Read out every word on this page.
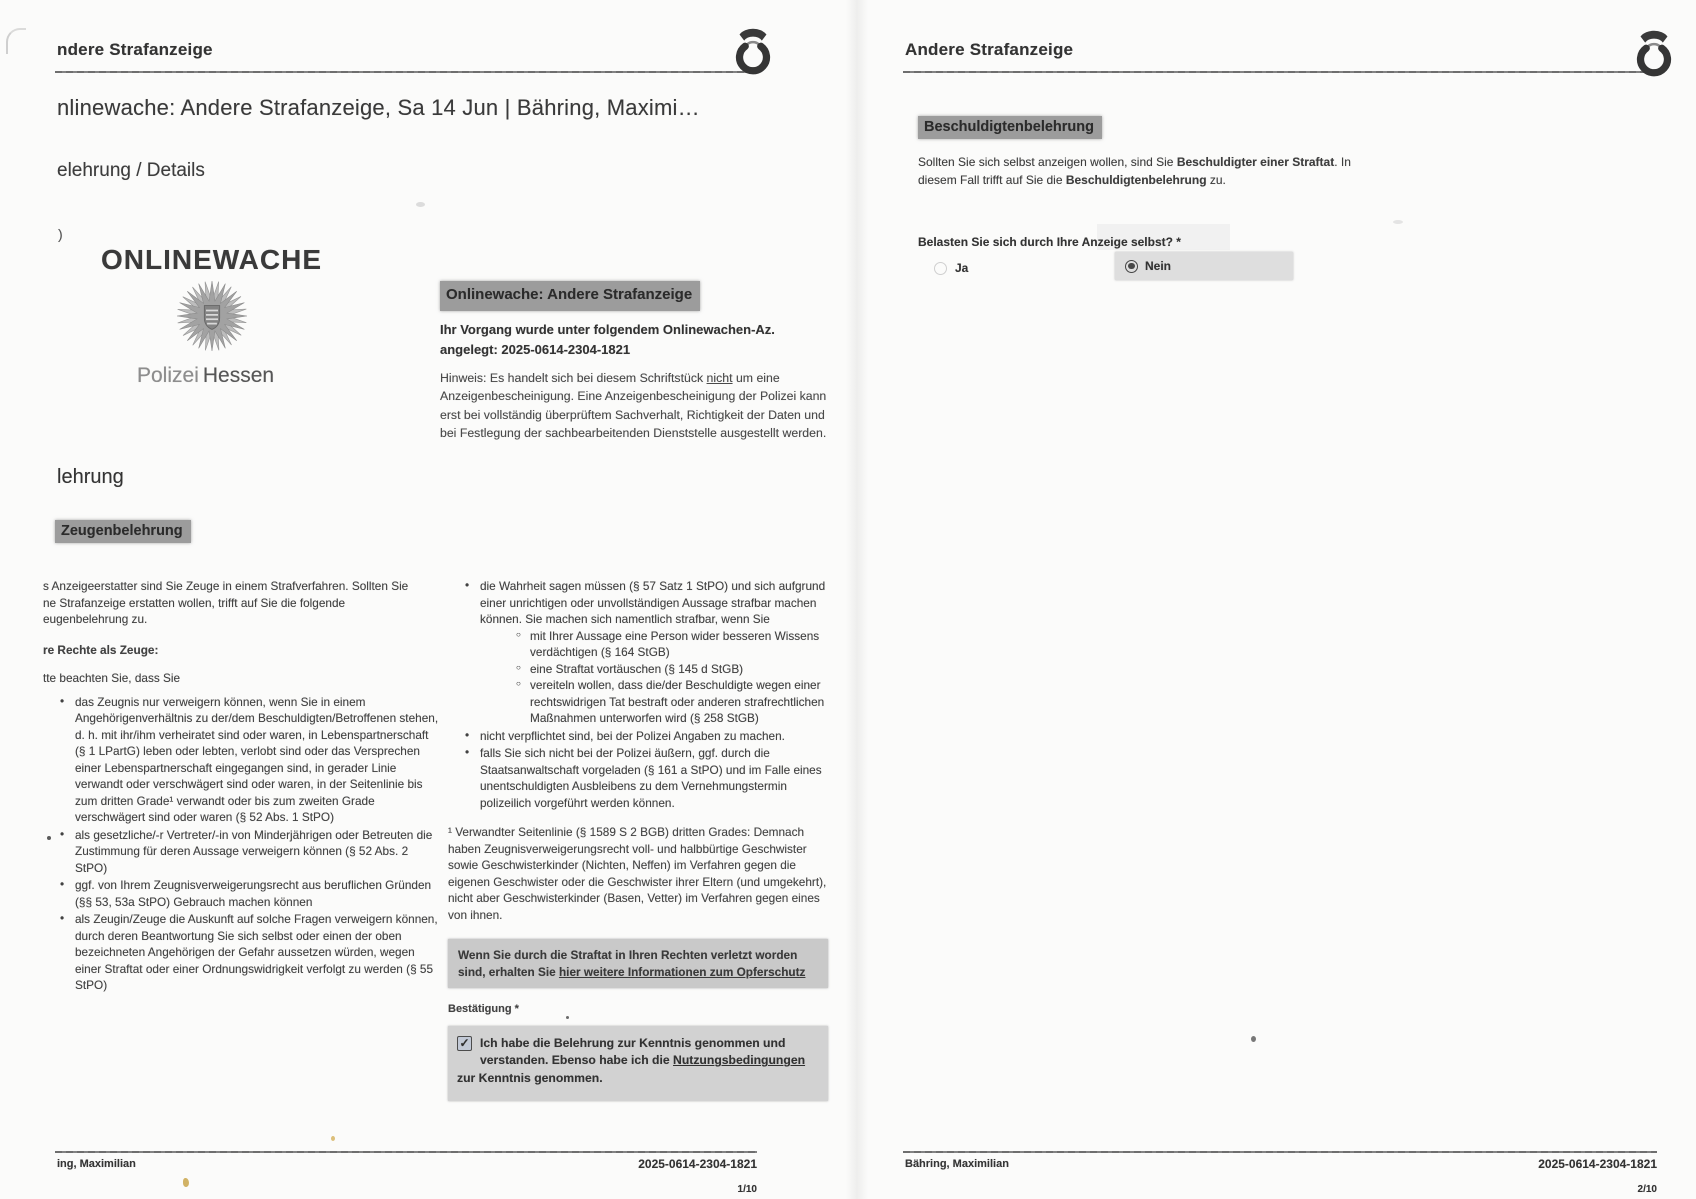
ndere Strafanzeige
nlinewache: Andere Strafanzeige, Sa 14 Jun | Bähring, Maximi…
elehrung / Details
)
ONLINEWACHE
Polizei Hessen
Onlinewache: Andere Strafanzeige
Ihr Vorgang wurde unter folgendem Onlinewachen-Az. angelegt: 2025-0614-2304-1821
Hinweis: Es handelt sich bei diesem Schriftstück nicht um eine Anzeigenbescheinigung. Eine Anzeigenbescheinigung der Polizei kann erst bei vollständig überprüftem Sachverhalt, Richtigkeit der Daten und bei Festlegung der sachbearbeitenden Dienststelle ausgestellt werden.
lehrung
Zeugenbelehrung
s Anzeigeerstatter sind Sie Zeuge in einem Strafverfahren. Sollten Sie
ne Strafanzeige erstatten wollen, trifft auf Sie die folgende
eugenbelehrung zu.
re Rechte als Zeuge:
tte beachten Sie, dass Sie
• das Zeugnis nur verweigern können, wenn Sie in einem Angehörigenverhältnis zu der/dem Beschuldigten/Betroffenen stehen, d. h. mit ihr/ihm verheiratet sind oder waren, in Lebenspartnerschaft (§ 1 LPartG) leben oder lebten, verlobt sind oder das Versprechen einer Lebenspartnerschaft eingegangen sind, in gerader Linie verwandt oder verschwägert sind oder waren, in der Seitenlinie bis zum dritten Grade¹ verwandt oder bis zum zweiten Grade verschwägert sind oder waren (§ 52 Abs. 1 StPO)
• als gesetzliche/-r Vertreter/-in von Minderjährigen oder Betreuten die Zustimmung für deren Aussage verweigern können (§ 52 Abs. 2 StPO)
• ggf. von Ihrem Zeugnisverweigerungsrecht aus beruflichen Gründen (§§ 53, 53a StPO) Gebrauch machen können
• als Zeugin/Zeuge die Auskunft auf solche Fragen verweigern können, durch deren Beantwortung Sie sich selbst oder einen der oben bezeichneten Angehörigen der Gefahr aussetzen würden, wegen einer Straftat oder einer Ordnungswidrigkeit verfolgt zu werden (§ 55 StPO)
• die Wahrheit sagen müssen (§ 57 Satz 1 StPO) und sich aufgrund einer unrichtigen oder unvollständigen Aussage strafbar machen können. Sie machen sich namentlich strafbar, wenn Sie
○ mit Ihrer Aussage eine Person wider besseren Wissens verdächtigen (§ 164 StGB)
○ eine Straftat vortäuschen (§ 145 d StGB)
○ vereiteln wollen, dass die/der Beschuldigte wegen einer rechtswidrigen Tat bestraft oder anderen strafrechtlichen Maßnahmen unterworfen wird (§ 258 StGB)
• nicht verpflichtet sind, bei der Polizei Angaben zu machen.
• falls Sie sich nicht bei der Polizei äußern, ggf. durch die Staatsanwaltschaft vorgeladen (§ 161 a StPO) und im Falle eines unentschuldigten Ausbleibens zu dem Vernehmungstermin polizeilich vorgeführt werden können.
¹ Verwandter Seitenlinie (§ 1589 S 2 BGB) dritten Grades: Demnach haben Zeugnisverweigerungsrecht voll- und halbbürtige Geschwister sowie Geschwisterkinder (Nichten, Neffen) im Verfahren gegen die eigenen Geschwister oder die Geschwister ihrer Eltern (und umgekehrt), nicht aber Geschwisterkinder (Basen, Vetter) im Verfahren gegen eines von ihnen.
Wenn Sie durch die Straftat in Ihren Rechten verletzt worden sind, erhalten Sie hier weitere Informationen zum Opferschutz
Bestätigung *
✓ Ich habe die Belehrung zur Kenntnis genommen und verstanden. Ebenso habe ich die Nutzungsbedingungen zur Kenntnis genommen.
ing, Maximilian	2025-0614-2304-1821
1/10
Andere Strafanzeige
Beschuldigtenbelehrung
Sollten Sie sich selbst anzeigen wollen, sind Sie Beschuldigter einer Straftat. In diesem Fall trifft auf Sie die Beschuldigtenbelehrung zu.
Belasten Sie sich durch Ihre Anzeige selbst? *
Ja	Nein
Bähring, Maximilian	2025-0614-2304-1821
2/10
